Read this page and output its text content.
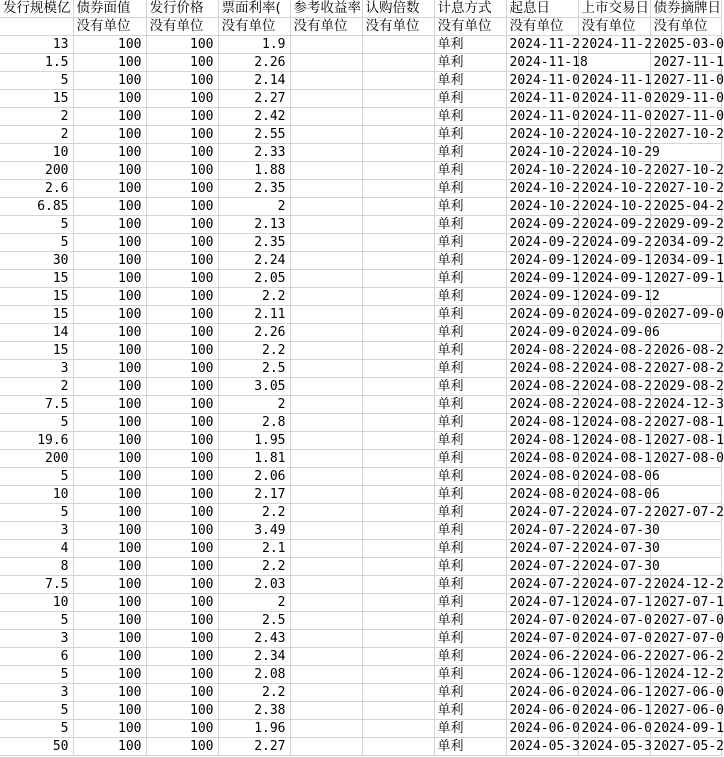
发行规模亿	债券面值	发行价格	票面利率(	参考收益率	认购倍数	计息方式	起息日	上市交易日	债券摘牌日
	没有单位	没有单位	没有单位	没有单位	没有单位	没有单位	没有单位	没有单位	没有单位
13	100	100	1.9			单利	2024-11-2	2024-11-2	2025-03-0
1.5	100	100	2.26			单利	2024-11-18		2027-11-1
5	100	100	2.14			单利	2024-11-0	2024-11-1	2027-11-0
15	100	100	2.27			单利	2024-11-0	2024-11-0	2029-11-0
2	100	100	2.42			单利	2024-11-0	2024-11-0	2027-11-0
2	100	100	2.55			单利	2024-10-2	2024-10-2	2027-10-2
10	100	100	2.33			单利	2024-10-2	2024-10-29	
200	100	100	1.88			单利	2024-10-2	2024-10-2	2027-10-2
2.6	100	100	2.35			单利	2024-10-2	2024-10-2	2027-10-2
6.85	100	100	2			单利	2024-10-2	2024-10-2	2025-04-2
5	100	100	2.13			单利	2024-09-2	2024-09-2	2029-09-2
5	100	100	2.35			单利	2024-09-2	2024-09-2	2034-09-2
30	100	100	2.24			单利	2024-09-1	2024-09-1	2034-09-1
15	100	100	2.05			单利	2024-09-1	2024-09-1	2027-09-1
15	100	100	2.2			单利	2024-09-1	2024-09-12	
15	100	100	2.11			单利	2024-09-0	2024-09-0	2027-09-0
14	100	100	2.26			单利	2024-09-0	2024-09-06	
15	100	100	2.2			单利	2024-08-2	2024-08-2	2026-08-2
3	100	100	2.5			单利	2024-08-2	2024-08-2	2027-08-2
2	100	100	3.05			单利	2024-08-2	2024-08-2	2029-08-2
7.5	100	100	2			单利	2024-08-2	2024-08-2	2024-12-3
5	100	100	2.8			单利	2024-08-1	2024-08-2	2027-08-1
19.6	100	100	1.95			单利	2024-08-1	2024-08-1	2027-08-1
200	100	100	1.81			单利	2024-08-0	2024-08-1	2027-08-0
5	100	100	2.06			单利	2024-08-0	2024-08-06	
10	100	100	2.17			单利	2024-08-0	2024-08-06	
5	100	100	2.2			单利	2024-07-2	2024-07-2	2027-07-2
3	100	100	3.49			单利	2024-07-2	2024-07-30	
4	100	100	2.1			单利	2024-07-2	2024-07-30	
8	100	100	2.2			单利	2024-07-2	2024-07-30	
7.5	100	100	2.03			单利	2024-07-2	2024-07-2	2024-12-2
10	100	100	2			单利	2024-07-1	2024-07-1	2027-07-1
5	100	100	2.5			单利	2024-07-0	2024-07-0	2027-07-0
3	100	100	2.43			单利	2024-07-0	2024-07-0	2027-07-0
6	100	100	2.34			单利	2024-06-2	2024-06-2	2027-06-2
5	100	100	2.08			单利	2024-06-1	2024-06-1	2024-12-2
3	100	100	2.2			单利	2024-06-0	2024-06-1	2027-06-0
5	100	100	2.38			单利	2024-06-0	2024-06-1	2027-06-0
5	100	100	1.96			单利	2024-06-0	2024-06-0	2024-09-1
50	100	100	2.27			单利	2024-05-3	2024-05-3	2027-05-2
